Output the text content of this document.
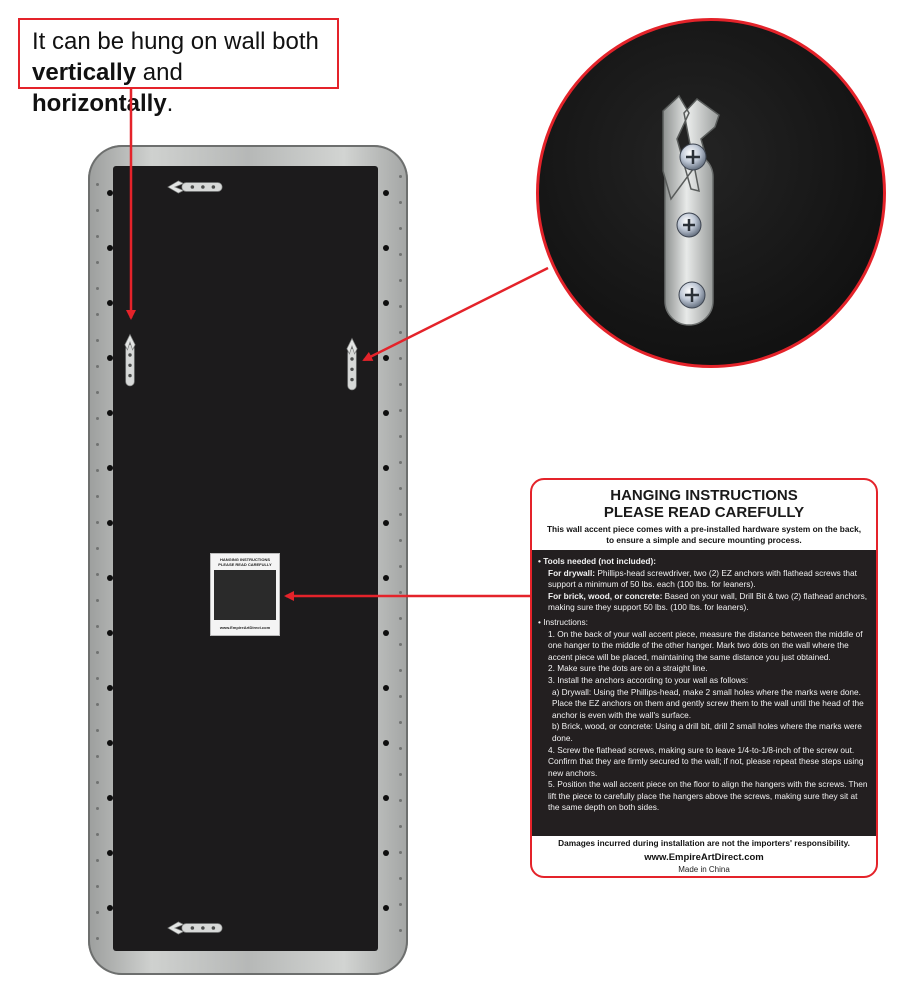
HANGING INSTRUCTIONS
PLEASE READ CAREFULLY
www.EmpireArtDirect.com
It can be hung on wall both
vertically and horizontally.
HANGING INSTRUCTIONS
PLEASE READ CAREFULLY
This wall accent piece comes with a pre-installed hardware system on the back,
to ensure a simple and secure mounting process.

• Tools needed (not included):

For drywall: Phillips-head screwdriver, two (2) EZ anchors with flathead screws that support a minimum of 50 lbs. each (100 lbs. for leaners).

For brick, wood, or concrete: Based on your wall, Drill Bit & two (2) flathead anchors, making sure they support 50 lbs. (100 lbs. for leaners).

• Instructions:

1. On the back of your wall accent piece, measure the distance between the middle of one hanger to the middle of the other hanger. Mark two dots on the wall where the accent piece will be placed, maintaining the same distance you just obtained.

2. Make sure the dots are on a straight line.

3. Install the anchors according to your wall as follows:

a) Drywall: Using the Phillips-head, make 2 small holes where the marks were done. Place the EZ anchors on them and gently screw them to the wall until the head of the anchor is even with the wall's surface.

b) Brick, wood, or concrete: Using a drill bit, drill 2 small holes where the marks were done.

4. Screw the flathead screws, making sure to leave 1/4-to-1/8-inch of the screw out. Confirm that they are firmly secured to the wall; if not, please repeat these steps using new anchors.

5. Position the wall accent piece on the floor to align the hangers with the screws. Then lift the piece to carefully place the hangers above the screws, making sure they sit at the same depth on both sides.

Damages incurred during installation are not the importers' responsibility.
www.EmpireArtDirect.com
Made in China
